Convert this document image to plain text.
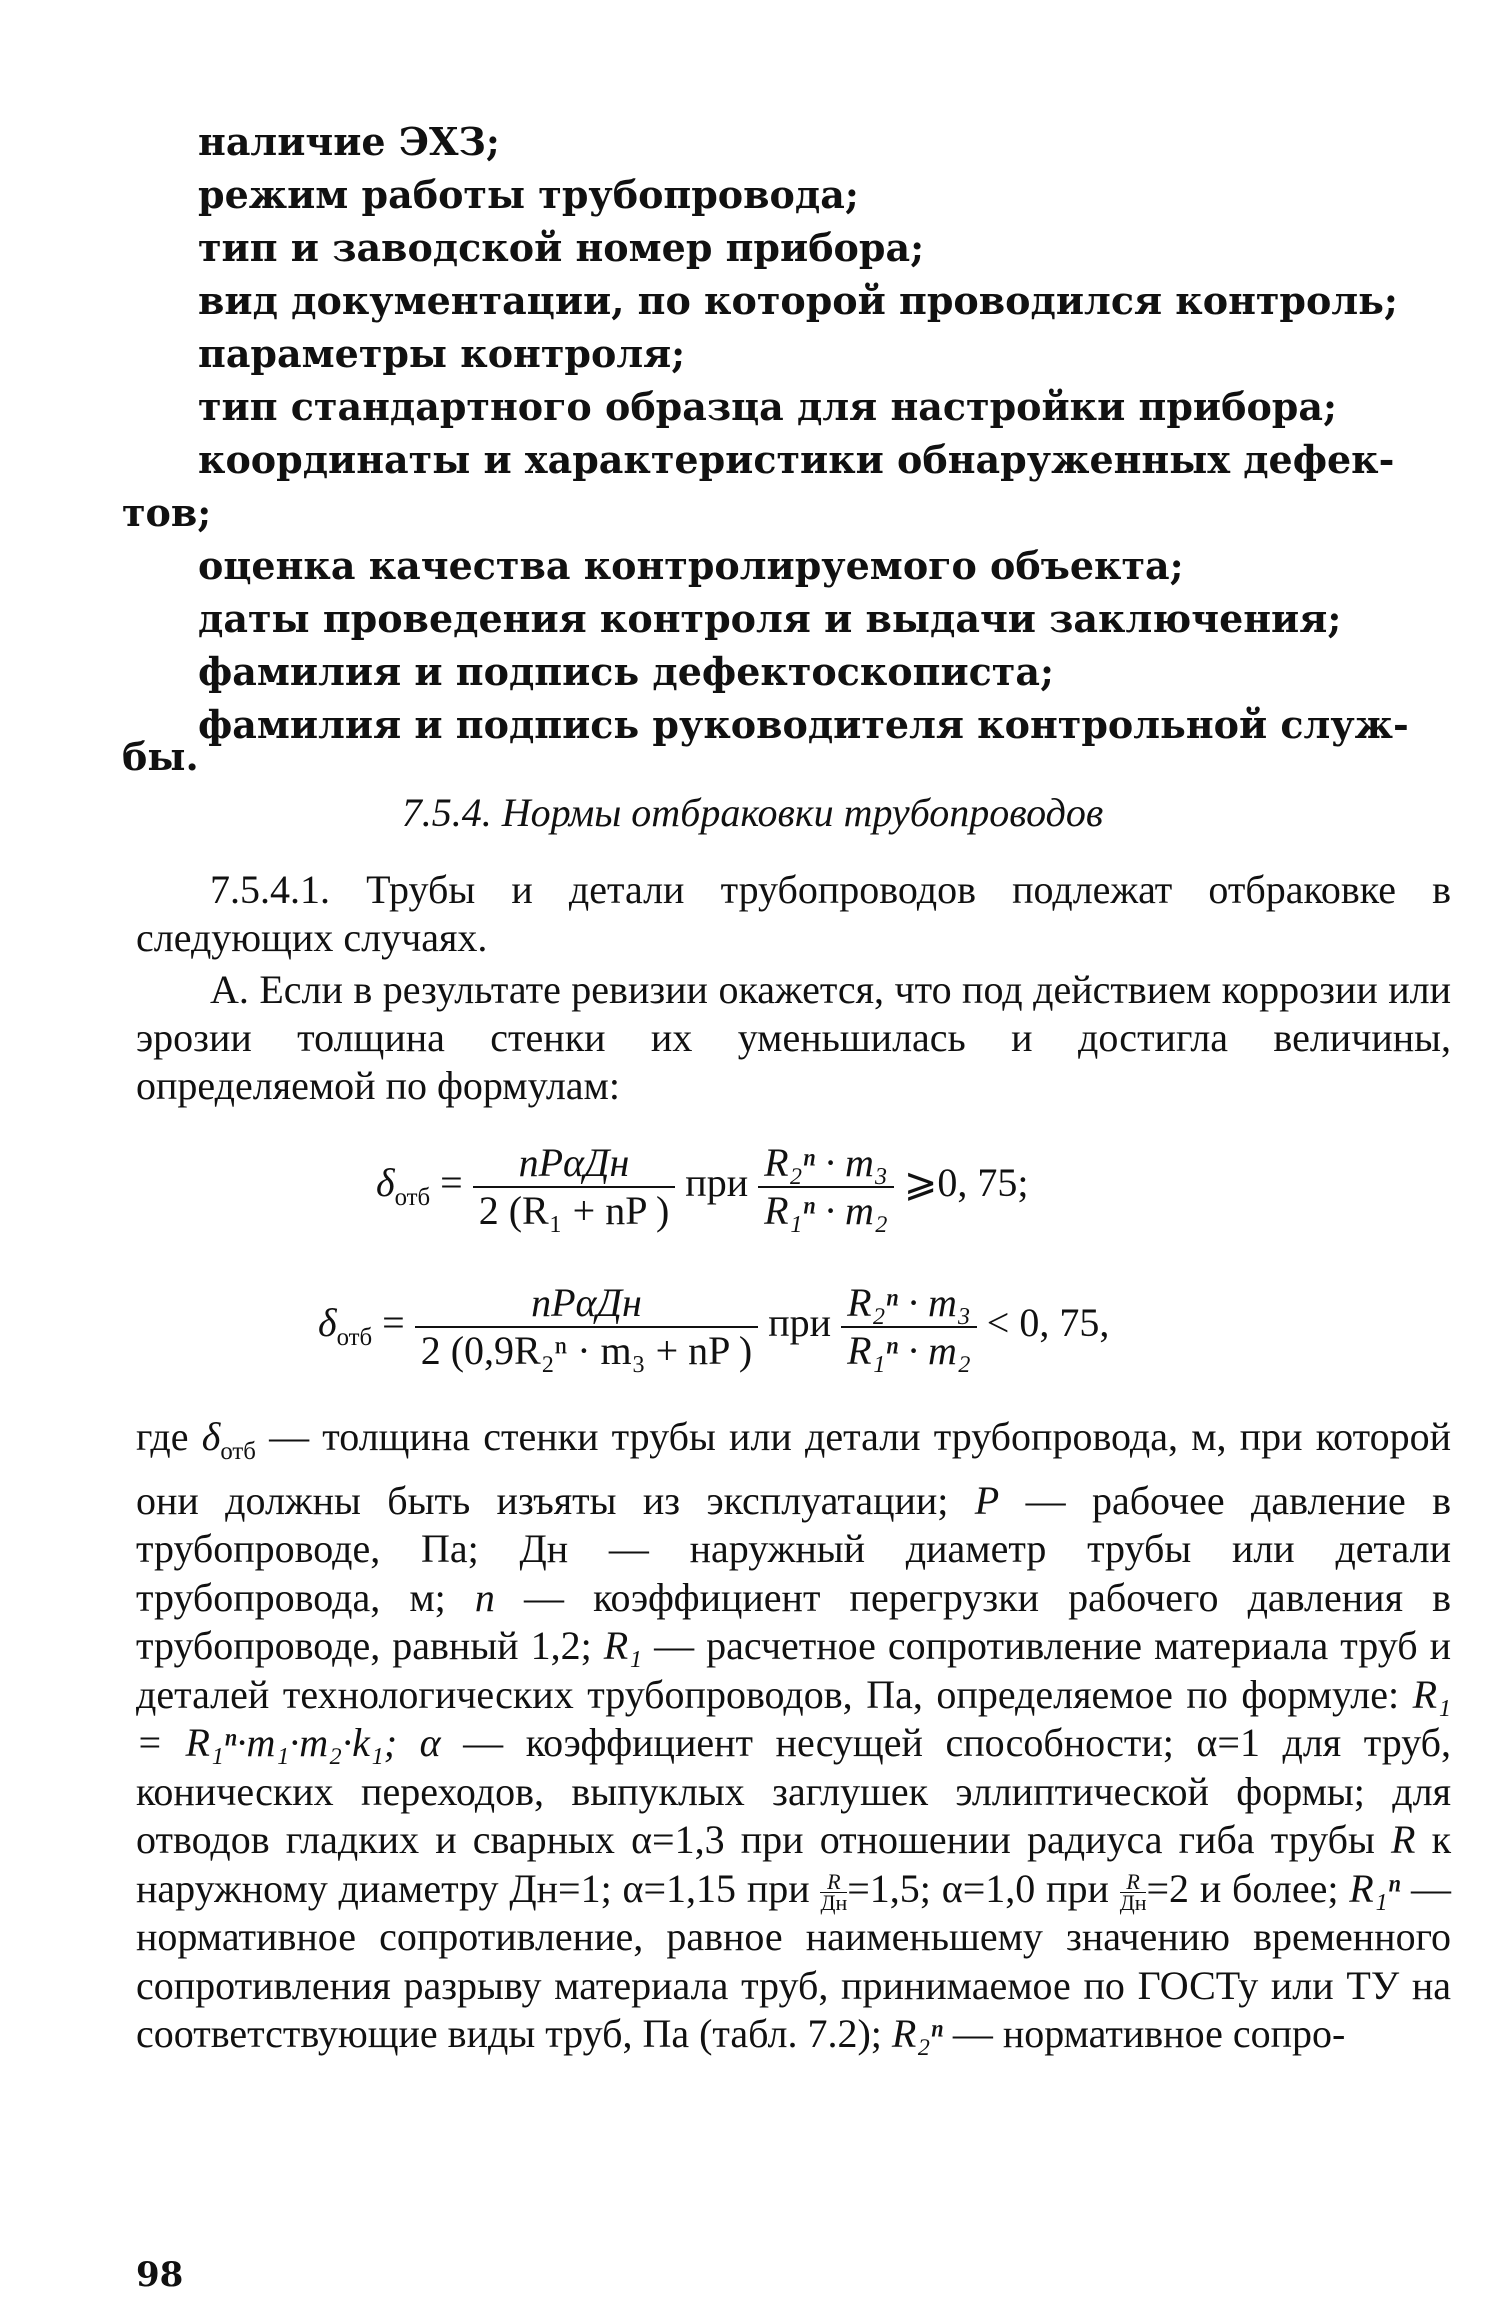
наличие ЭХЗ;
режим работы трубопровода;
тип и заводской номер прибора;
вид документации, по которой проводился контроль;
параметры контроля;
тип стандартного образца для настройки прибора;
координаты и характеристики обнаруженных дефек-
тов;
оценка качества контролируемого объекта;
даты проведения контроля и выдачи заключения;
фамилия и подпись дефектоскописта;
фамилия и подпись руководителя контрольной служ-
бы.
7.5.4. Нормы отбраковки трубопроводов
7.5.4.1. Трубы и детали трубопроводов подлежат отбраковке в следующих случаях.
А. Если в результате ревизии окажется, что под действием коррозии или эрозии толщина стенки их уменьшилась и достигла величины, определяемой по формулам:
$\delta_{отб} = \frac{\text{nPαДн}}{\text{2 (R₁ + nP )}}$ при $\frac{\text{R₂ⁿ · m₃}}{\text{R₁ⁿ · m₂}}$ ⩾0, 75;
$\delta_{отб} = \frac{\text{nPαДн}}{\text{2 (0,9R₂ⁿ · m₃ + nP )}}$ при $\frac{\text{R₂ⁿ · m₃}}{\text{R₁ⁿ · m₂}} < 0$, 75,
где $\delta_{отб}$ — толщина стенки трубы или детали трубопровода, м, при которой они должны быть изъяты из эксплуатации; P — рабочее давление в трубопроводе, Па; Дн — наружный диаметр трубы или детали трубопровода, м; n — коэффициент перегрузки рабочего давления в трубопроводе, равный 1,2; R₁ — расчетное сопротивление материала труб и деталей технологических трубопроводов, Па, определяемое по формуле: R₁ = R₁ⁿ·m₁·m₂·k₁; α — коэффициент несущей способности; α=1 для труб, конических переходов, выпуклых заглушек эллиптической формы; для отводов гладких и сварных α=1,3 при отношении радиуса гиба трубы R к наружному диаметру Дн=1; α=1,15 при R
Дн =1,5; α=1,0 при R
Дн =2 и более; R₁ⁿ — нормативное сопротивление, равное наименьшему значению временного сопротивления разрыву материала труб, принимаемое по ГОСТу или ТУ на соответствующие виды труб, Па (табл. 7.2); R₂ⁿ — нормативное сопро-
98
